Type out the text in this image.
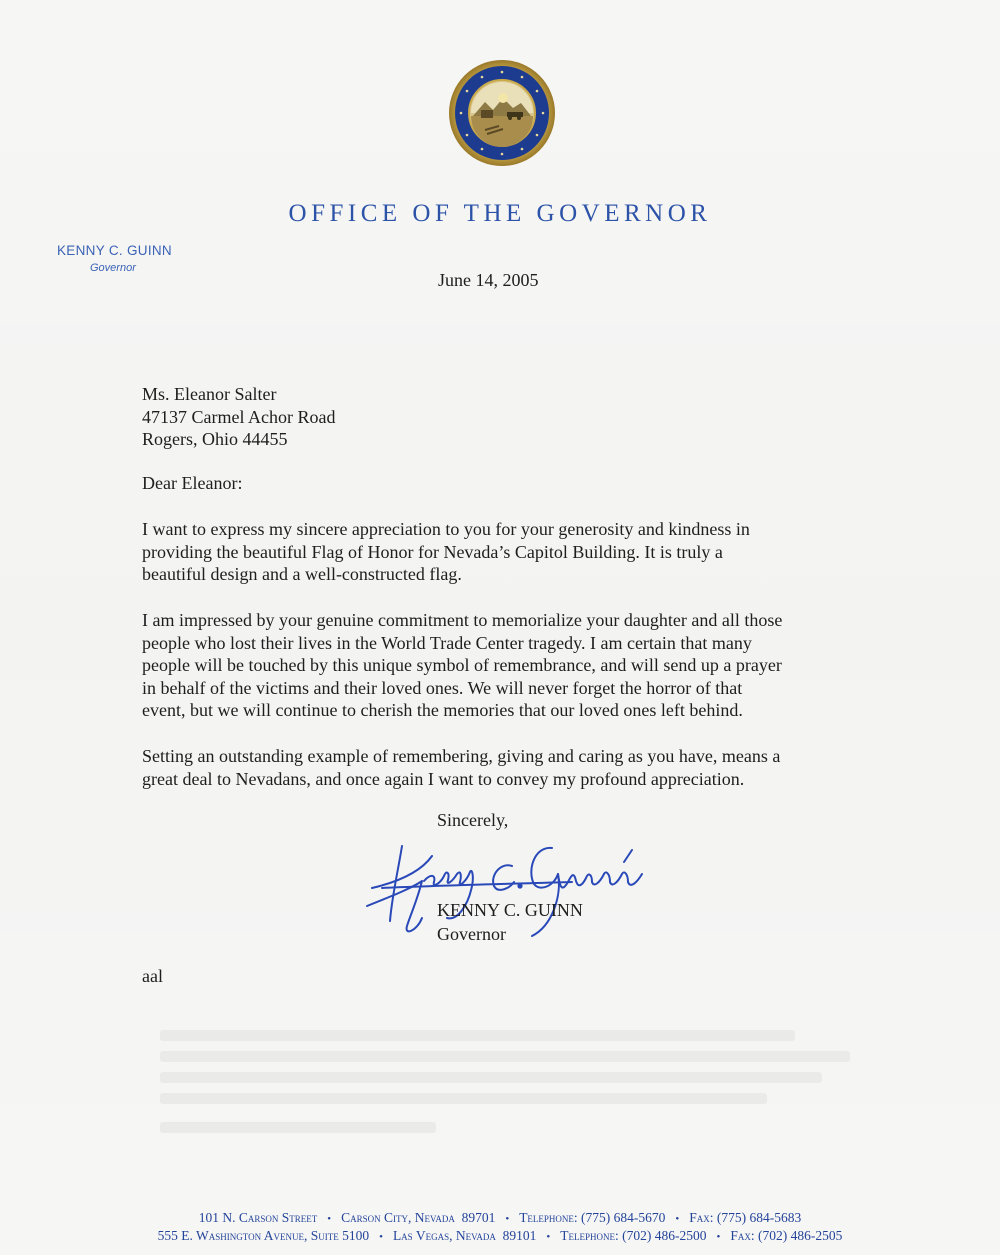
OFFICE OF THE GOVERNOR
KENNY C. GUINN
Governor
June 14, 2005
Ms. Eleanor Salter
47137 Carmel Achor Road
Rogers, Ohio 44455
Dear Eleanor:
I want to express my sincere appreciation to you for your generosity and kindness in
providing the beautiful Flag of Honor for Nevada’s Capitol Building. It is truly a
beautiful design and a well-constructed flag.
I am impressed by your genuine commitment to memorialize your daughter and all those
people who lost their lives in the World Trade Center tragedy. I am certain that many
people will be touched by this unique symbol of remembrance, and will send up a prayer
in behalf of the victims and their loved ones. We will never forget the horror of that
event, but we will continue to cherish the memories that our loved ones left behind.
Setting an outstanding example of remembering, giving and caring as you have, means a
great deal to Nevadans, and once again I want to convey my profound appreciation.
Sincerely,
KENNY C. GUINN
Governor
aal
101 N. Carson Street • Carson City, Nevada 89701 • Telephone: (775) 684-5670 • Fax: (775) 684-5683
555 E. Washington Avenue, Suite 5100 • Las Vegas, Nevada 89101 • Telephone: (702) 486-2500 • Fax: (702) 486-2505
